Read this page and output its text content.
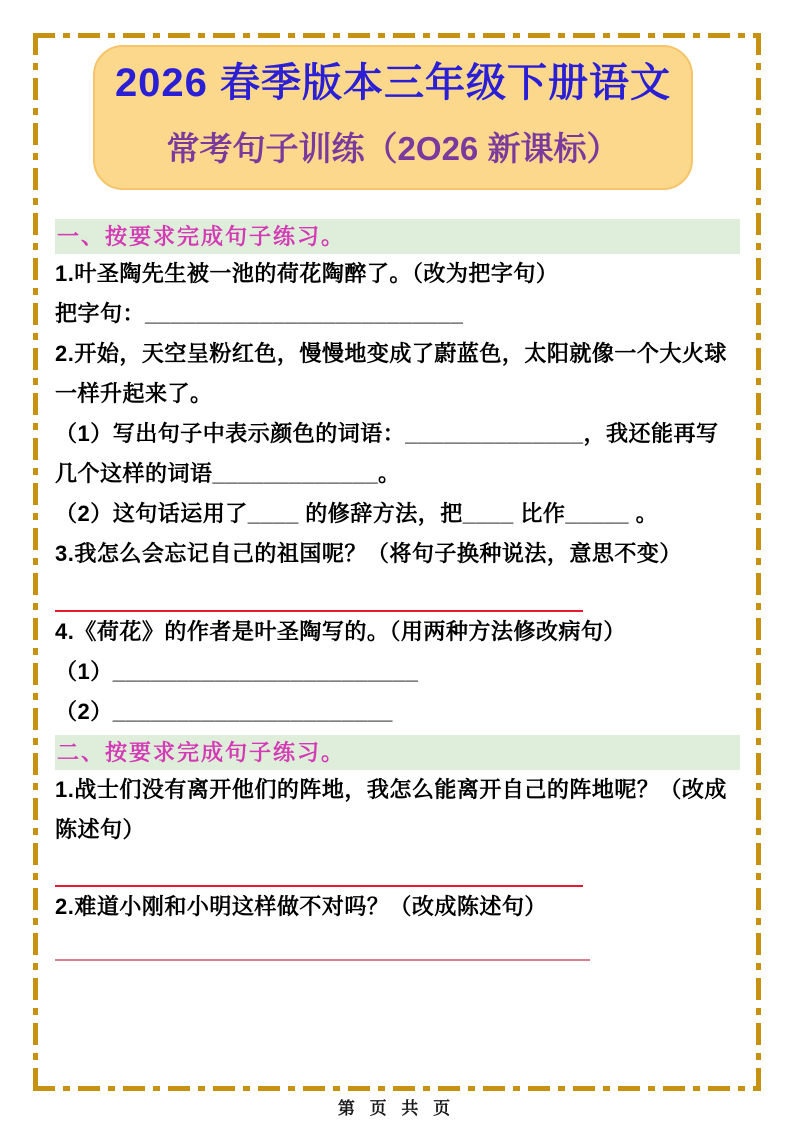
2026 春季版本三年级下册语文
常考句子训练（2O26 新课标）
一、按要求完成句子练习。

1.叶圣陶先生被一池的荷花陶醉了。（改为把字句）

把字句：_________________________

2.开始，天空呈粉红色，慢慢地变成了蔚蓝色，太阳就像一个大火球一样升起来了。

（1）写出句子中表示颜色的词语：______________，我还能再写几个这样的词语_____________。

（2）这句话运用了____ 的修辞方法，把____ 比作_____ 。

3.我怎么会忘记自己的祖国呢？（将句子换种说法，意思不变）

4.《荷花》的作者是叶圣陶写的。（用两种方法修改病句）

（1）________________________

（2）______________________

二、按要求完成句子练习。

1.战士们没有离开他们的阵地，我怎么能离开自己的阵地呢？（改成陈述句）

2.难道小刚和小明这样做不对吗？（改成陈述句）

第 页 共 页
